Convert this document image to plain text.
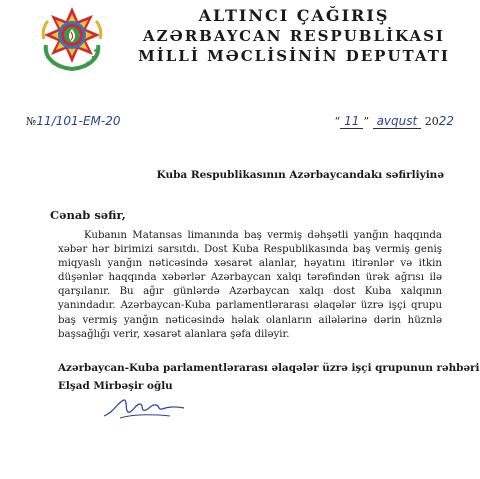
ALTINCI ÇAĞIRIŞ
AZƏRBAYCAN RESPUBLİKASI
MİLLİ MƏCLİSİNİN DEPUTATI
№11/101-EM-20	“ 11 ” avqust 2022
Kuba Respublikasının Azərbaycandakı səfirliyinə
Cənab səfir,

Kubanın Matansas limanında baş vermiş dəhşətli yanğın haqqında xəbər hər birimizi sarsıtdı. Dost Kuba Respublikasında baş vermiş geniş miqyaslı yanğın nəticəsində xəsarət alanlar, həyatını itirənlər və itkin düşənlər haqqında xəbərlər Azərbaycan xalqı tərəfindən ürək ağrısı ilə qarşılanır. Bu ağır günlərdə Azərbaycan xalqı dost Kuba xalqının yanındadır. Azərbaycan-Kuba parlamentlərarası əlaqələr üzrə işçi qrupu baş vermiş yanğın nəticəsində həlak olanların ailələrinə dərin hüznlə başsağlığı verir, xəsarət alanlara şəfa diləyir.

Azərbaycan-Kuba parlamentlərarası əlaqələr üzrə işçi qrupunun rəhbəri
Elşad Mirbəşir oğlu
